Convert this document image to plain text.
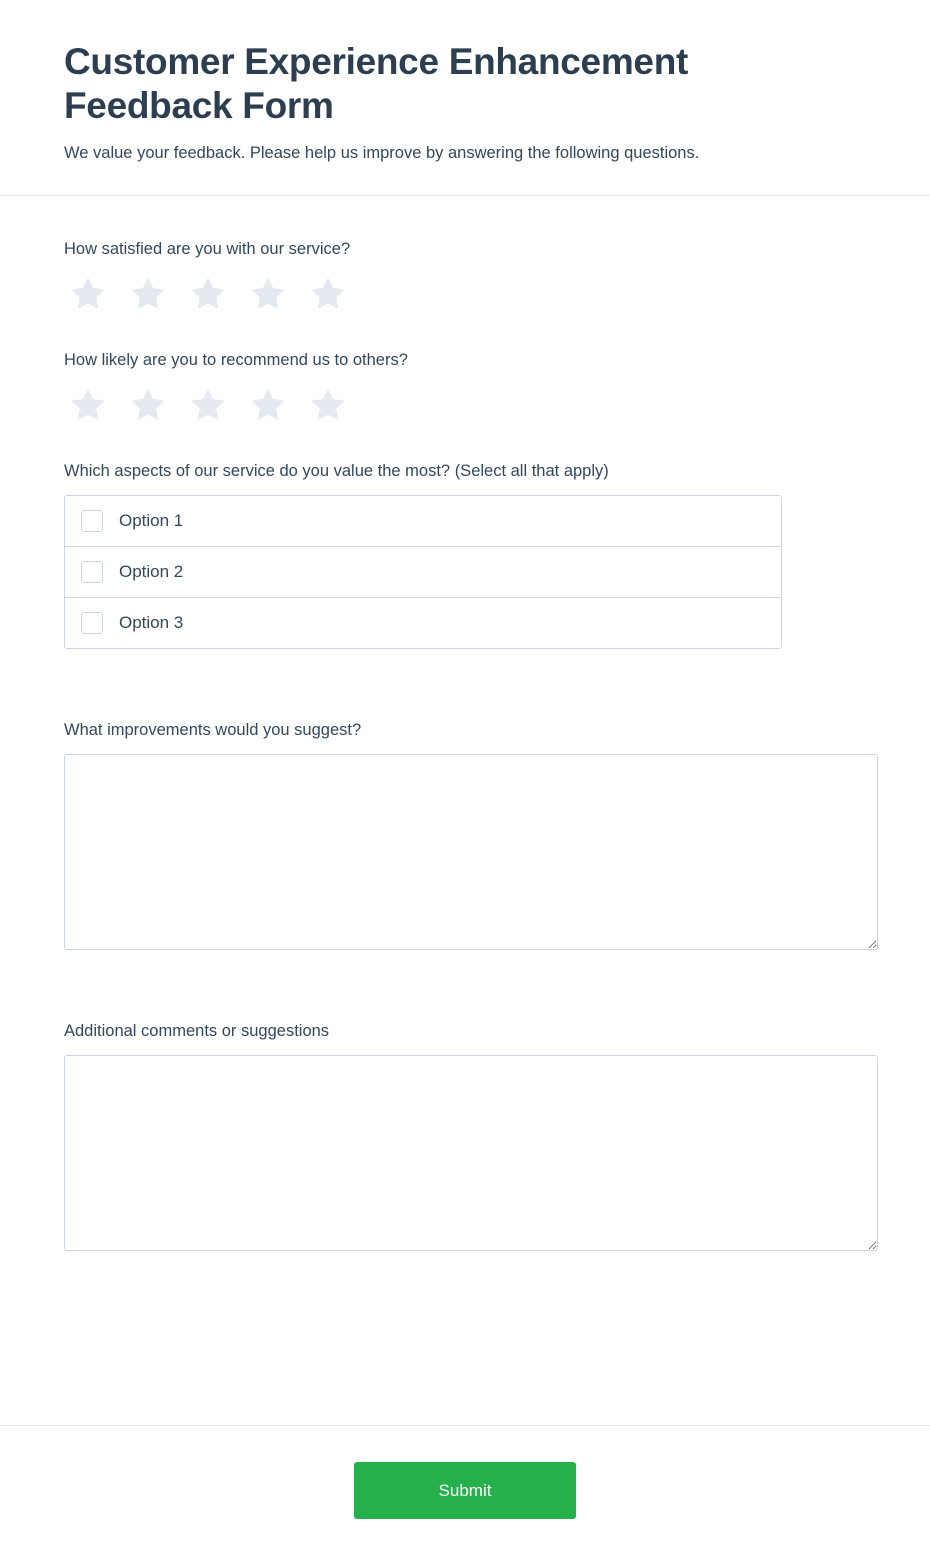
Customer Experience Enhancement Feedback Form

We value your feedback. Please help us improve by answering the following questions.

How satisfied are you with our service?
How likely are you to recommend us to others?
Which aspects of our service do you value the most? (Select all that apply)
Option 1
Option 2
Option 3
What improvements would you suggest?
Additional comments or suggestions
Submit
